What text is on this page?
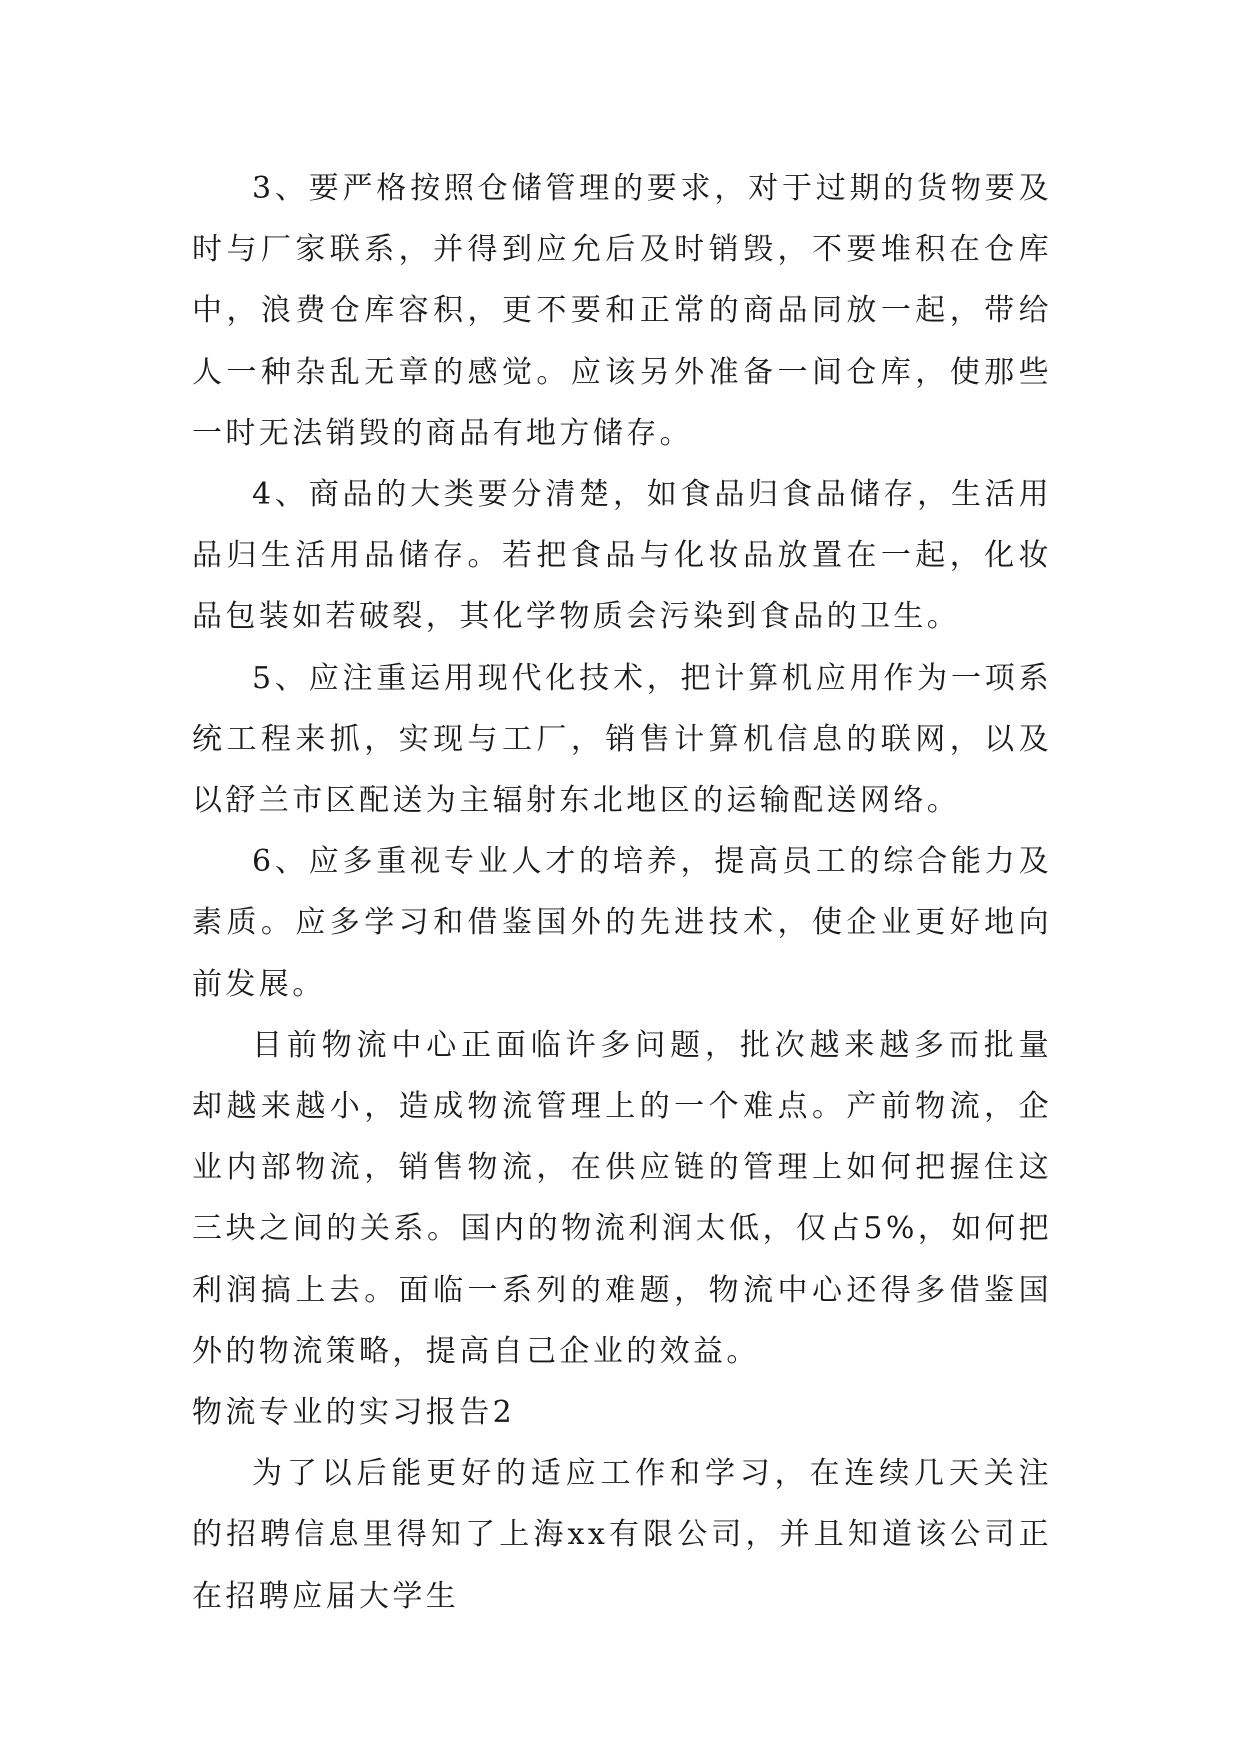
3、要严格按照仓储管理的要求，对于过期的货物要及时与厂家联系，并得到应允后及时销毁，不要堆积在仓库中，浪费仓库容积，更不要和正常的商品同放一起，带给人一种杂乱无章的感觉。应该另外准备一间仓库，使那些一时无法销毁的商品有地方储存。

4、商品的大类要分清楚，如食品归食品储存，生活用品归生活用品储存。若把食品与化妆品放置在一起，化妆品包装如若破裂，其化学物质会污染到食品的卫生。

5、应注重运用现代化技术，把计算机应用作为一项系统工程来抓，实现与工厂，销售计算机信息的联网，以及以舒兰市区配送为主辐射东北地区的运输配送网络。

6、应多重视专业人才的培养，提高员工的综合能力及素质。应多学习和借鉴国外的先进技术，使企业更好地向前发展。

目前物流中心正面临许多问题，批次越来越多而批量却越来越小，造成物流管理上的一个难点。产前物流，企业内部物流，销售物流，在供应链的管理上如何把握住这三块之间的关系。国内的物流利润太低，仅占5%，如何把利润搞上去。面临一系列的难题，物流中心还得多借鉴国外的物流策略，提高自己企业的效益。

物流专业的实习报告2

为了以后能更好的适应工作和学习，在连续几天关注的招聘信息里得知了上海xx有限公司，并且知道该公司正在招聘应届大学生
